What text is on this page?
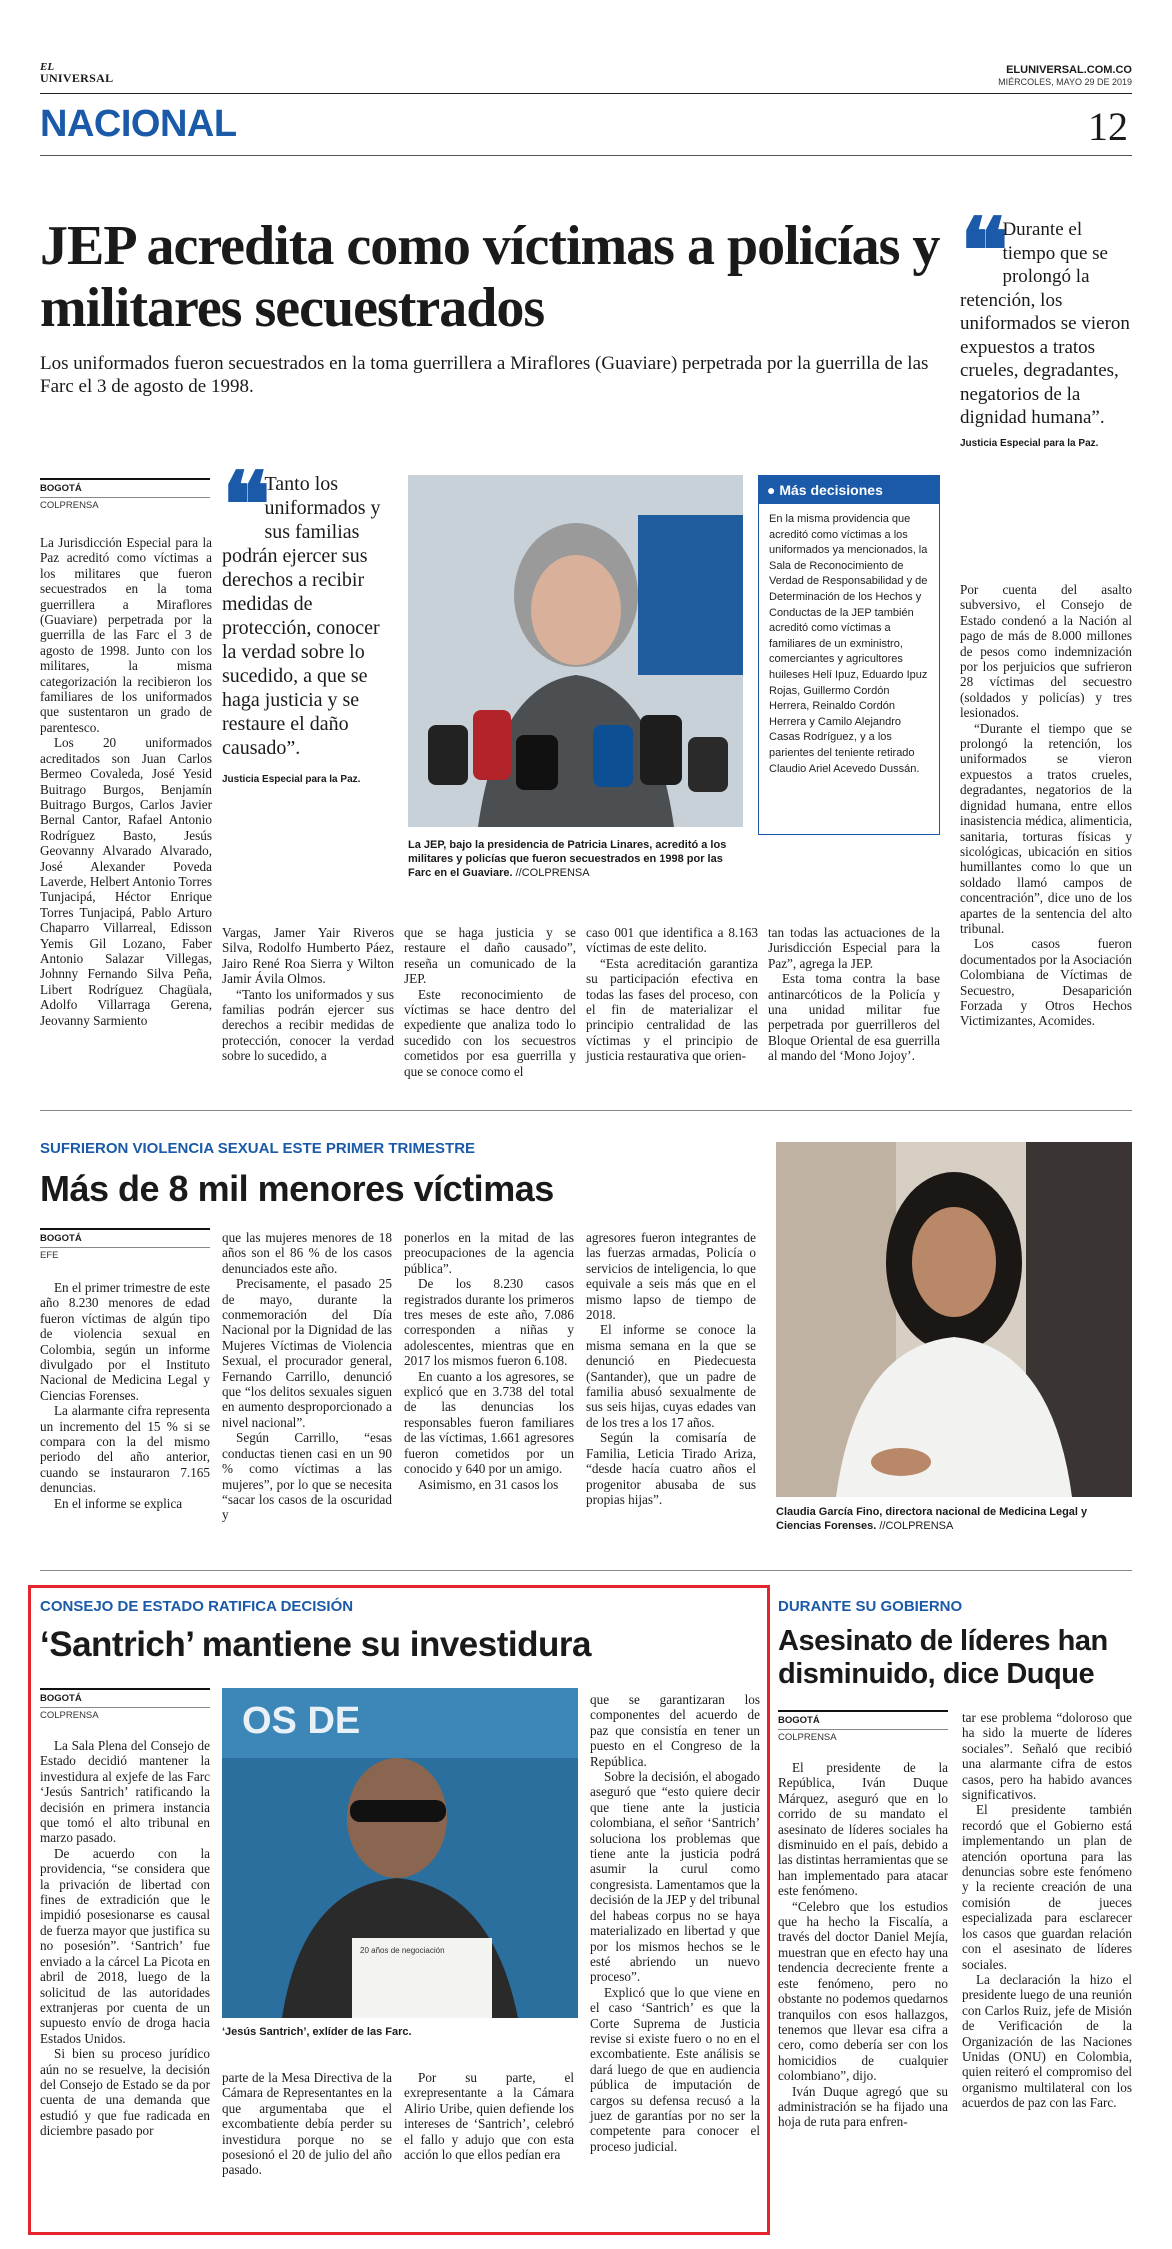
EL
UNIVERSAL
ELUNIVERSAL.COM.CO
MIÉRCOLES, MAYO 29 DE 2019
NACIONAL	12
JEP acredita como víctimas a policías y militares secuestrados
Los uniformados fueron secuestrados en la toma guerrillera a Miraflores (Guaviare) perpetrada por la guerrilla de las Farc el 3 de agosto de 1998.
❝ Durante el tiempo que se prolongó la retención, los uniformados se vieron expuestos a tratos crueles, degradantes, negatorios de la dignidad humana”.
Justicia Especial para la Paz.
BOGOTÁ
COLPRENSA

La Jurisdicción Especial para la Paz acreditó como víctimas a los militares que fueron secuestrados en la toma guerrillera a Miraflores (Guaviare) perpetrada por la guerrilla de las Farc el 3 de agosto de 1998. Junto con los militares, la misma categorización la recibieron los familiares de los uniformados que sustentaron un grado de parentesco.

Los 20 uniformados acreditados son Juan Carlos Bermeo Covaleda, José Yesid Buitrago Burgos, Benjamín Buitrago Burgos, Carlos Javier Bernal Cantor, Rafael Antonio Rodríguez Basto, Jesús Geovanny Alvarado Alvarado, José Alexander Poveda Laverde, Helbert Antonio Torres Tunjacipá, Héctor Enrique Torres Tunjacipá, Pablo Arturo Chaparro Villarreal, Edisson Yemis Gil Lozano, Faber Antonio Salazar Villegas, Johnny Fernando Silva Peña, Libert Rodríguez Chagüala, Adolfo Villarraga Gerena, Jeovanny Sarmiento

❝ Tanto los uniformados y sus familias podrán ejercer sus derechos a recibir medidas de protección, conocer la verdad sobre lo sucedido, a que se haga justicia y se restaure el daño causado”.
Justicia Especial para la Paz.
La JEP, bajo la presidencia de Patricia Linares, acreditó a los militares y policías que fueron secuestrados en 1998 por las Farc en el Guaviare. //COLPRENSA
● Más decisiones
En la misma providencia que acreditó como víctimas a los uniformados ya mencionados, la Sala de Reconocimiento de Verdad de Responsabilidad y de Determinación de los Hechos y Conductas de la JEP también acreditó como víctimas a familiares de un exministro, comerciantes y agricultores huileses Helí Ipuz, Eduardo Ipuz Rojas, Guillermo Cordón Herrera, Reinaldo Cordón Herrera y Camilo Alejandro Casas Rodríguez, y a los parientes del teniente retirado Claudio Ariel Acevedo Dussán.

Vargas, Jamer Yair Riveros Silva, Rodolfo Humberto Páez, Jairo René Roa Sierra y Wilton Jamir Ávila Olmos.

“Tanto los uniformados y sus familias podrán ejercer sus derechos a recibir medidas de protección, conocer la verdad sobre lo sucedido, a

que se haga justicia y se restaure el daño causado”, reseña un comunicado de la JEP.

Este reconocimiento de víctimas se hace dentro del expediente que analiza todo lo sucedido con los secuestros cometidos por esa guerrilla y que se conoce como el

caso 001 que identifica a 8.163 víctimas de este delito.

“Esta acreditación garantiza su participación efectiva en todas las fases del proceso, con el fin de materializar el principio centralidad de las víctimas y el principio de justicia restaurativa que orien-

tan todas las actuaciones de la Jurisdicción Especial para la Paz”, agrega la JEP.

Esta toma contra la base antinarcóticos de la Policía y una unidad militar fue perpetrada por guerrilleros del Bloque Oriental de esa guerrilla al mando del ‘Mono Jojoy’.

Por cuenta del asalto subversivo, el Consejo de Estado condenó a la Nación al pago de más de 8.000 millones de pesos como indemnización por los perjuicios que sufrieron 28 víctimas del secuestro (soldados y policías) y tres lesionados.

“Durante el tiempo que se prolongó la retención, los uniformados se vieron expuestos a tratos crueles, degradantes, negatorios de la dignidad humana, entre ellos inasistencia médica, alimenticia, sanitaria, torturas físicas y sicológicas, ubicación en sitios humillantes como lo que un soldado llamó campos de concentración”, dice uno de los apartes de la sentencia del alto tribunal.

Los casos fueron documentados por la Asociación Colombiana de Víctimas de Secuestro, Desaparición Forzada y Otros Hechos Victimizantes, Acomides.

SUFRIERON VIOLENCIA SEXUAL ESTE PRIMER TRIMESTRE
Más de 8 mil menores víctimas
BOGOTÁ
EFE

En el primer trimestre de este año 8.230 menores de edad fueron víctimas de algún tipo de violencia sexual en Colombia, según un informe divulgado por el Instituto Nacional de Medicina Legal y Ciencias Forenses.

La alarmante cifra representa un incremento del 15 % si se compara con la del mismo periodo del año anterior, cuando se instauraron 7.165 denuncias.

En el informe se explica

que las mujeres menores de 18 años son el 86 % de los casos denunciados este año.

Precisamente, el pasado 25 de mayo, durante la conmemoración del Día Nacional por la Dignidad de las Mujeres Víctimas de Violencia Sexual, el procurador general, Fernando Carrillo, denunció que “los delitos sexuales siguen en aumento desproporcionado a nivel nacional”.

Según Carrillo, “esas conductas tienen casi en un 90 % como víctimas a las mujeres”, por lo que se necesita “sacar los casos de la oscuridad y

ponerlos en la mitad de las preocupaciones de la agencia pública”.

De los 8.230 casos registrados durante los primeros tres meses de este año, 7.086 corresponden a niñas y adolescentes, mientras que en 2017 los mismos fueron 6.108.

En cuanto a los agresores, se explicó que en 3.738 del total de las denuncias los responsables fueron familiares de las víctimas, 1.661 agresores fueron cometidos por un conocido y 640 por un amigo.

Asimismo, en 31 casos los

agresores fueron integrantes de las fuerzas armadas, Policía o servicios de inteligencia, lo que equivale a seis más que en el mismo lapso de tiempo de 2018.

El informe se conoce la misma semana en la que se denunció en Piedecuesta (Santander), que un padre de familia abusó sexualmente de sus seis hijas, cuyas edades van de los tres a los 17 años.

Según la comisaría de Familia, Leticia Tirado Ariza, “desde hacía cuatro años el progenitor abusaba de sus propias hijas”.

Claudia García Fino, directora nacional de Medicina Legal y Ciencias Forenses. //COLPRENSA
CONSEJO DE ESTADO RATIFICA DECISIÓN
‘Santrich’ mantiene su investidura
BOGOTÁ
COLPRENSA

La Sala Plena del Consejo de Estado decidió mantener la investidura al exjefe de las Farc ‘Jesús Santrich’ ratificando la decisión en primera instancia que tomó el alto tribunal en marzo pasado.

De acuerdo con la providencia, “se considera que la privación de libertad con fines de extradición que le impidió posesionarse es causal de fuerza mayor que justifica su no posesión”. ‘Santrich’ fue enviado a la cárcel La Picota en abril de 2018, luego de la solicitud de las autoridades extranjeras por cuenta de un supuesto envío de droga hacia Estados Unidos.

Si bien su proceso jurídico aún no se resuelve, la decisión del Consejo de Estado se da por cuenta de una demanda que estudió y que fue radicada en diciembre pasado por

OS DE
20 años de negociación
‘Jesús Santrich’, exlíder de las Farc.

parte de la Mesa Directiva de la Cámara de Representantes en la que argumentaba que el excombatiente debía perder su investidura porque no se posesionó el 20 de julio del año pasado.

Por su parte, el exrepresentante a la Cámara Alirio Uribe, quien defiende los intereses de ‘Santrich’, celebró el fallo y adujo que con esta acción lo que ellos pedían era

que se garantizaran los componentes del acuerdo de paz que consistía en tener un puesto en el Congreso de la República.

Sobre la decisión, el abogado aseguró que “esto quiere decir que tiene ante la justicia colombiana, el señor ‘Santrich’ soluciona los problemas que tiene ante la justicia podrá asumir la curul como congresista. Lamentamos que la decisión de la JEP y del tribunal del habeas corpus no se haya materializado en libertad y que por los mismos hechos se le esté abriendo un nuevo proceso”.

Explicó que lo que viene en el caso ‘Santrich’ es que la Corte Suprema de Justicia revise si existe fuero o no en el excombatiente. Este análisis se dará luego de que en audiencia pública de imputación de cargos su defensa recusó a la juez de garantías por no ser la competente para conocer el proceso judicial.

DURANTE SU GOBIERNO
Asesinato de líderes han disminuido, dice Duque
BOGOTÁ
COLPRENSA

El presidente de la República, Iván Duque Márquez, aseguró que en lo corrido de su mandato el asesinato de líderes sociales ha disminuido en el país, debido a las distintas herramientas que se han implementado para atacar este fenómeno.

“Celebro que los estudios que ha hecho la Fiscalía, a través del doctor Daniel Mejía, muestran que en efecto hay una tendencia decreciente frente a este fenómeno, pero no obstante no podemos quedarnos tranquilos con esos hallazgos, tenemos que llevar esa cifra a cero, como debería ser con los homicidios de cualquier colombiano”, dijo.

Iván Duque agregó que su administración se ha fijado una hoja de ruta para enfren-

tar ese problema “doloroso que ha sido la muerte de líderes sociales”. Señaló que recibió una alarmante cifra de estos casos, pero ha habido avances significativos.

El presidente también recordó que el Gobierno está implementando un plan de atención oportuna para las denuncias sobre este fenómeno y la reciente creación de una comisión de jueces especializada para esclarecer los casos que guardan relación con el asesinato de líderes sociales.

La declaración la hizo el presidente luego de una reunión con Carlos Ruiz, jefe de Misión de Verificación de la Organización de las Naciones Unidas (ONU) en Colombia, quien reiteró el compromiso del organismo multilateral con los acuerdos de paz con las Farc.
